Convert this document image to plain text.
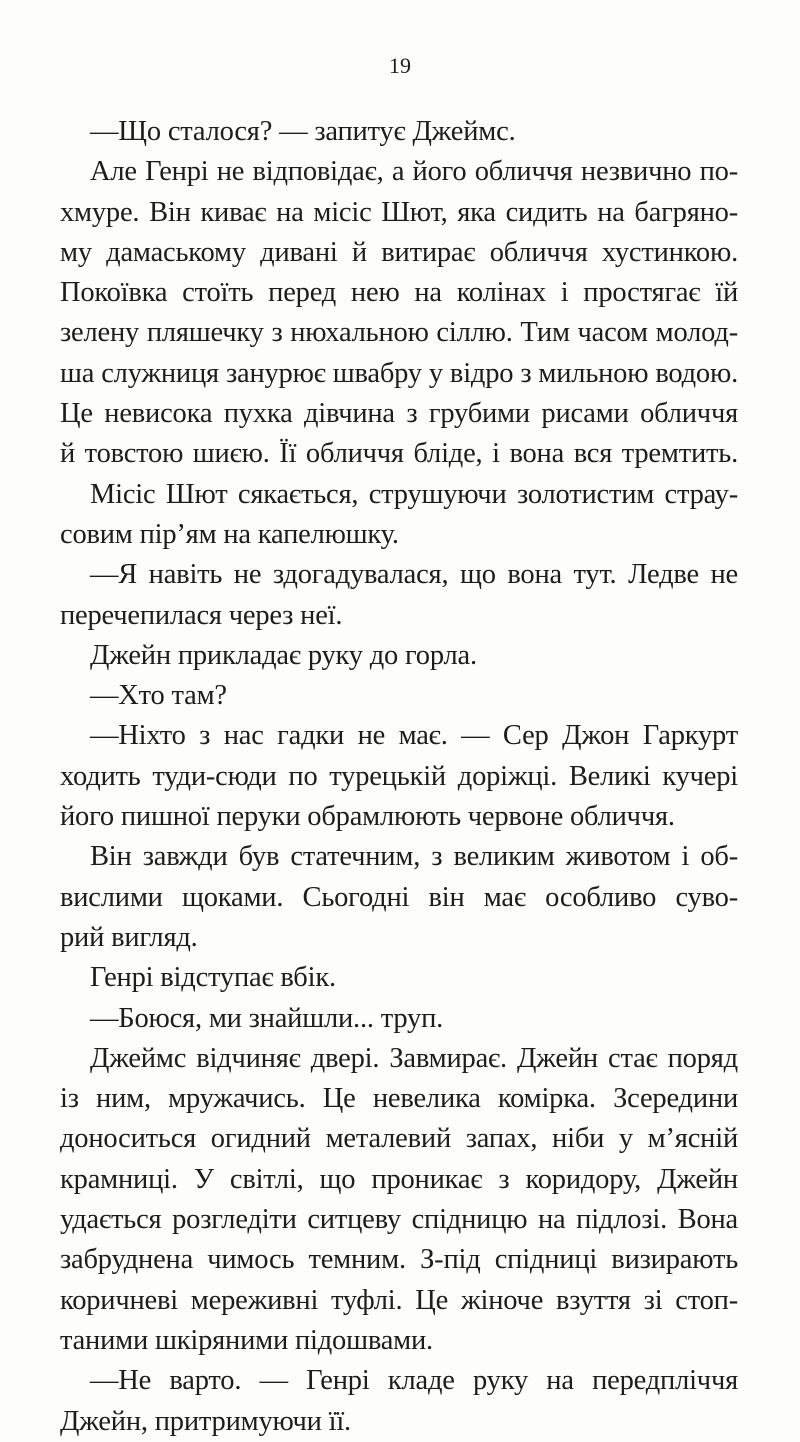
19
—Що сталося? — запитує Джеймс.
Але Генрі не відповідає, а його обличчя незвично по-
хмуре. Він киває на місіс Шют, яка сидить на багряно-
му дамаському дивані й витирає обличчя хустинкою.
Покоївка стоїть перед нею на колінах і простягає їй
зелену пляшечку з нюхальною сіллю. Тим часом молод-
ша служниця занурює швабру у відро з мильною водою.
Це невисока пухка дівчина з грубими рисами обличчя
й товстою шиєю. Її обличчя бліде, і вона вся тремтить.
Місіс Шют сякається, струшуючи золотистим страу-
совим пір’ям на капелюшку.
—Я навіть не здогадувалася, що вона тут. Ледве не
перечепилася через неї.
Джейн прикладає руку до горла.
—Хто там?
—Ніхто з нас гадки не має. — Сер Джон Гаркурт
ходить туди-сюди по турецькій доріжці. Великі кучері
його пишної перуки обрамлюють червоне обличчя.
Він завжди був статечним, з великим животом і об-
вислими щоками. Сьогодні він має особливо суво-
рий вигляд.
Генрі відступає вбік.
—Боюся, ми знайшли... труп.
Джеймс відчиняє двері. Завмирає. Джейн стає поряд
із ним, мружачись. Це невелика комірка. Зсередини
доноситься огидний металевий запах, ніби у м’ясній
крамниці. У світлі, що проникає з коридору, Джейн
удається розгледіти ситцеву спідницю на підлозі. Вона
забруднена чимось темним. З-під спідниці визирають
коричневі мереживні туфлі. Це жіноче взуття зі стоп-
таними шкіряними підошвами.
—Не варто. — Генрі кладе руку на передпліччя
Джейн, притримуючи її.
